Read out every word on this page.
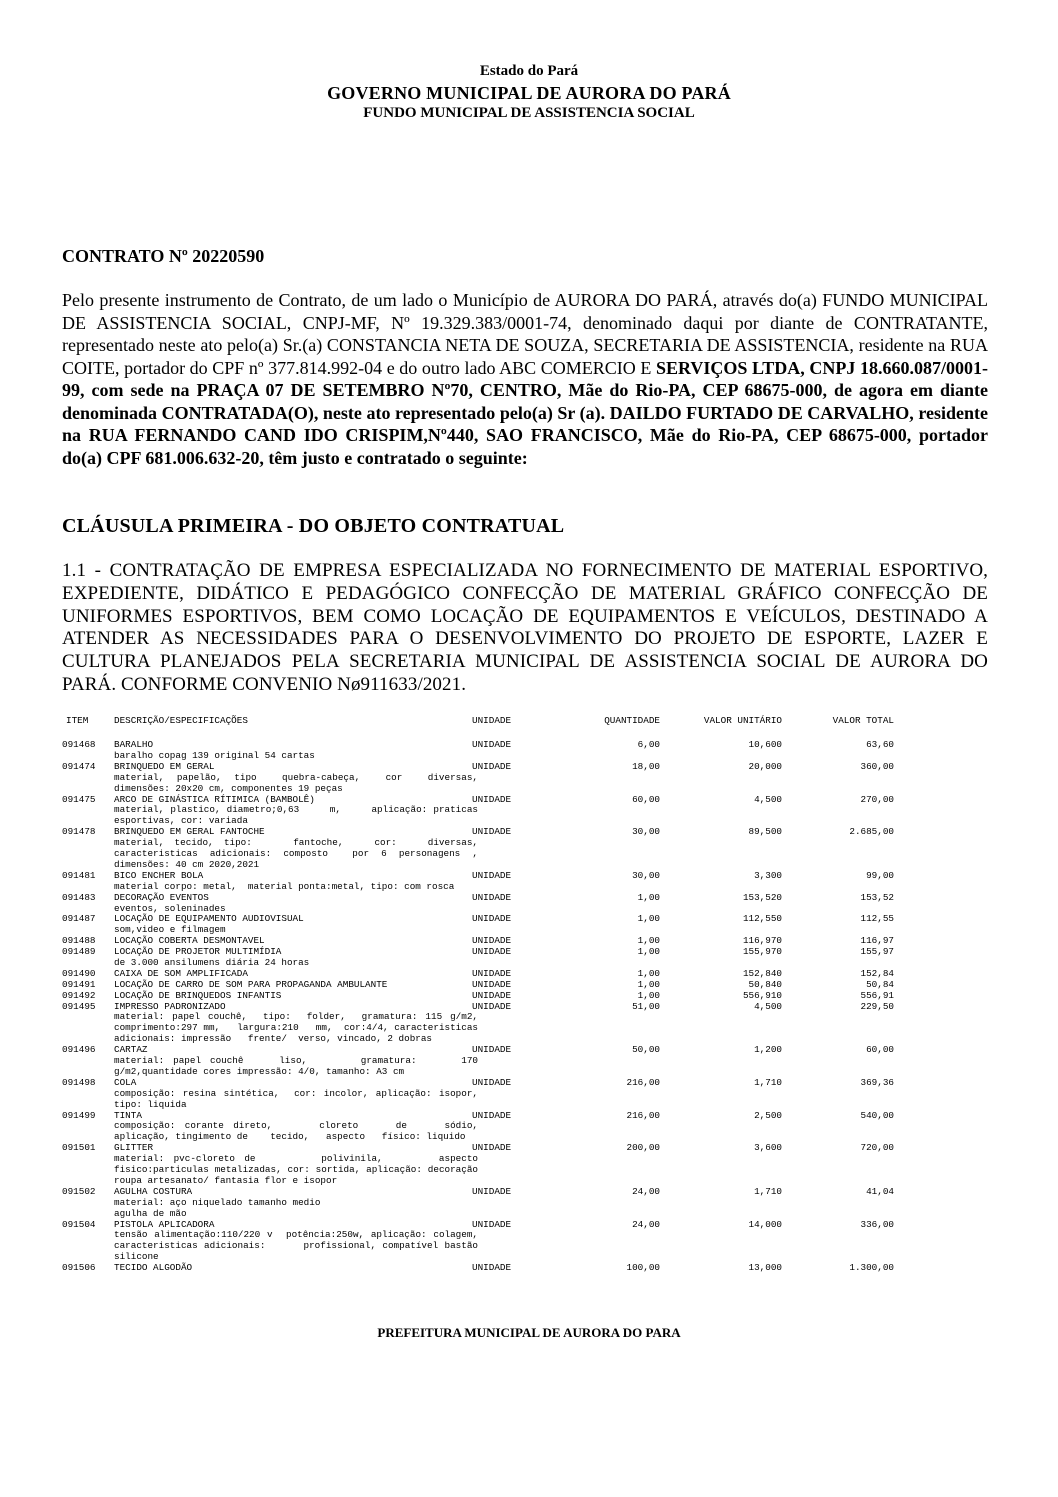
Estado do Pará
GOVERNO MUNICIPAL DE AURORA DO PARÁ
FUNDO MUNICIPAL DE ASSISTENCIA SOCIAL
CONTRATO Nº 20220590
Pelo presente instrumento de Contrato, de um lado o Município de AURORA DO PARÁ, através do(a) FUNDO MUNICIPAL DE ASSISTENCIA SOCIAL, CNPJ-MF, Nº 19.329.383/0001-74, denominado daqui por diante de CONTRATANTE, representado neste ato pelo(a) Sr.(a) CONSTANCIA NETA DE SOUZA, SECRETARIA DE ASSISTENCIA, residente na RUA COITE, portador do CPF nº 377.814.992-04 e do outro lado ABC COMERCIO E SERVIÇOS LTDA, CNPJ 18.660.087/0001-99, com sede na PRAÇA 07 DE SETEMBRO Nº70, CENTRO, Mãe do Rio-PA, CEP 68675-000, de agora em diante denominada CONTRATADA(O), neste ato representado pelo(a) Sr (a). DAILDO FURTADO DE CARVALHO, residente na RUA FERNANDO CAND IDO CRISPIM,Nº440, SAO FRANCISCO, Mãe do Rio-PA, CEP 68675-000, portador do(a) CPF 681.006.632-20, têm justo e contratado o seguinte:
CLÁUSULA PRIMEIRA - DO OBJETO CONTRATUAL
1.1 - CONTRATAÇÃO DE EMPRESA ESPECIALIZADA NO FORNECIMENTO DE MATERIAL ESPORTIVO, EXPEDIENTE, DIDÁTICO E PEDAGÓGICO CONFECÇÃO DE MATERIAL GRÁFICO CONFECÇÃO DE UNIFORMES ESPORTIVOS, BEM COMO LOCAÇÃO DE EQUIPAMENTOS E VEÍCULOS, DESTINADO A ATENDER AS NECESSIDADES PARA O DESENVOLVIMENTO DO PROJETO DE ESPORTE, LAZER E CULTURA PLANEJADOS PELA SECRETARIA MUNICIPAL DE ASSISTENCIA SOCIAL DE AURORA DO PARÁ. CONFORME CONVENIO Nø911633/2021.
ITEM	DESCRIÇÃO/ESPECIFICAÇÕES	UNIDADE	QUANTIDADE	VALOR UNITÁRIO	VALOR TOTAL
091468	BARALHO	UNIDADE	6,00	10,600	63,60
baralho copag 139 original 54 cartas
091474	BRINQUEDO EM GERAL	UNIDADE	18,00	20,000	360,00
material, papelão, tipo  quebra-cabeça,  cor  diversas, dimensões: 20x20 cm, componentes 19 peças
091475	ARCO DE GINÁSTICA RÍTIMICA (BAMBOLÊ)	UNIDADE	60,00	4,500	270,00
material, plastico, diametro;0,63     m,     aplicação: praticas esportivas, cor: variada
091478	BRINQUEDO EM GERAL FANTOCHE	UNIDADE	30,00	89,500	2.685,00
material, tecido, tipo:    fantoche,   cor:   diversas, caracteristicas adicionais: composto  por 6 personagens , dimensões: 40 cm 2020,2021
091481	BICO ENCHER BOLA	UNIDADE	30,00	3,300	99,00
material corpo: metal,  material ponta:metal, tipo: com rosca
091483	DECORAÇÃO EVENTOS	UNIDADE	1,00	153,520	153,52
eventos, soleninades
091487	LOCAÇÃO DE EQUIPAMENTO AUDIOVISUAL	UNIDADE	1,00	112,550	112,55
som,video e filmagem
091488	LOCAÇÃO COBERTA DESMONTAVEL	UNIDADE	1,00	116,970	116,97
091489	LOCAÇÃO DE PROJETOR MULTIMÍDIA	UNIDADE	1,00	155,970	155,97
de 3.000 ansilumens diária 24 horas
091490	CAIXA DE SOM AMPLIFICADA	UNIDADE	1,00	152,840	152,84
091491	LOCAÇÃO DE CARRO DE SOM PARA PROPAGANDA AMBULANTE	UNIDADE	1,00	50,840	50,84
091492	LOCAÇÃO DE BRINQUEDOS INFANTIS	UNIDADE	1,00	556,910	556,91
091495	IMPRESSO PADRONIZADO	UNIDADE	51,00	4,500	229,50
material: papel couchê,  tipo:  folder,  gramatura: 115 g/m2, comprimento:297 mm,   largura:210   mm,  cor:4/4, caracteristicas adicionais: impressão   frente/  verso, vincado, 2 dobras
091496	CARTAZ	UNIDADE	50,00	1,200	60,00
material: papel couchê    liso,      gramatura:     170 g/m2,quantidade cores impressão: 4/0, tamanho: A3 cm
091498	COLA	UNIDADE	216,00	1,710	369,36
composição: resina sintética,  cor: incolor, aplicação: isopor, tipo: liquida
091499	TINTA	UNIDADE	216,00	2,500	540,00
composição: corante direto,     cloreto    de    sódio, aplicação, tingimento de    tecido,   aspecto   físico: liquido
091501	GLITTER	UNIDADE	200,00	3,600	720,00
material: pvc-cloreto de       polivinila,      aspecto  fisico:particulas metalizadas, cor: sortida, aplicação: decoração roupa artesanato/ fantasia flor e isopor
091502	AGULHA COSTURA	UNIDADE	24,00	1,710	41,04
material: aço niquelado tamanho medio
agulha de mão
091504	PISTOLA APLICADORA	UNIDADE	24,00	14,000	336,00
tensão alimentação:110/220 v  potência:250w, aplicação: colagem, caracteristicas adicionais:      profissional, compatível bastão silicone
091506	TECIDO ALGODÃO	UNIDADE	100,00	13,000	1.300,00
PREFEITURA MUNICIPAL DE AURORA DO PARA
